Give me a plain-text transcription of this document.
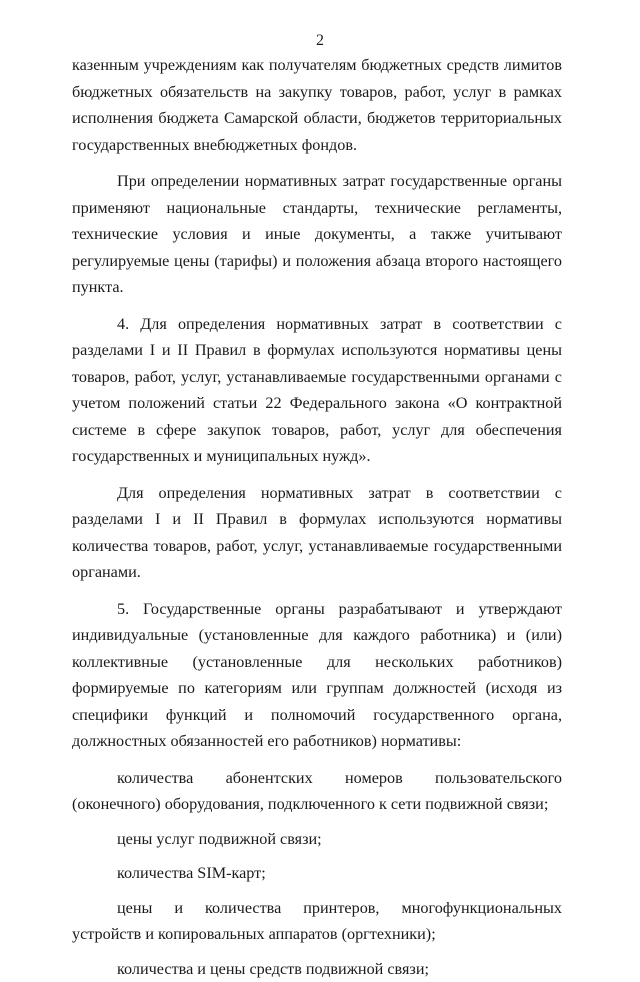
2

казенным учреждениям как получателям бюджетных средств лимитов бюджетных обязательств на закупку товаров, работ, услуг в рамках исполнения бюджета Самарской области, бюджетов территориальных государственных внебюджетных фондов.

При определении нормативных затрат государственные органы применяют национальные стандарты, технические регламенты, технические условия и иные документы, а также учитывают регулируемые цены (тарифы) и положения абзаца второго настоящего пункта.

4. Для определения нормативных затрат в соответствии с разделами I и II Правил в формулах используются нормативы цены товаров, работ, услуг, устанавливаемые государственными органами с учетом положений статьи 22 Федерального закона «О контрактной системе в сфере закупок товаров, работ, услуг для обеспечения государственных и муниципальных нужд».

Для определения нормативных затрат в соответствии с разделами I и II Правил в формулах используются нормативы количества товаров, работ, услуг, устанавливаемые государственными органами.

5. Государственные органы разрабатывают и утверждают индивидуальные (установленные для каждого работника) и (или) коллективные (установленные для нескольких работников) формируемые по категориям или группам должностей (исходя из специфики функций и полномочий государственного органа, должностных обязанностей его работников) нормативы:

количества абонентских номеров пользовательского (оконечного) оборудования, подключенного к сети подвижной связи;

цены услуг подвижной связи;

количества SIM-карт;

цены и количества принтеров, многофункциональных устройств и копировальных аппаратов (оргтехники);

количества и цены средств подвижной связи;
